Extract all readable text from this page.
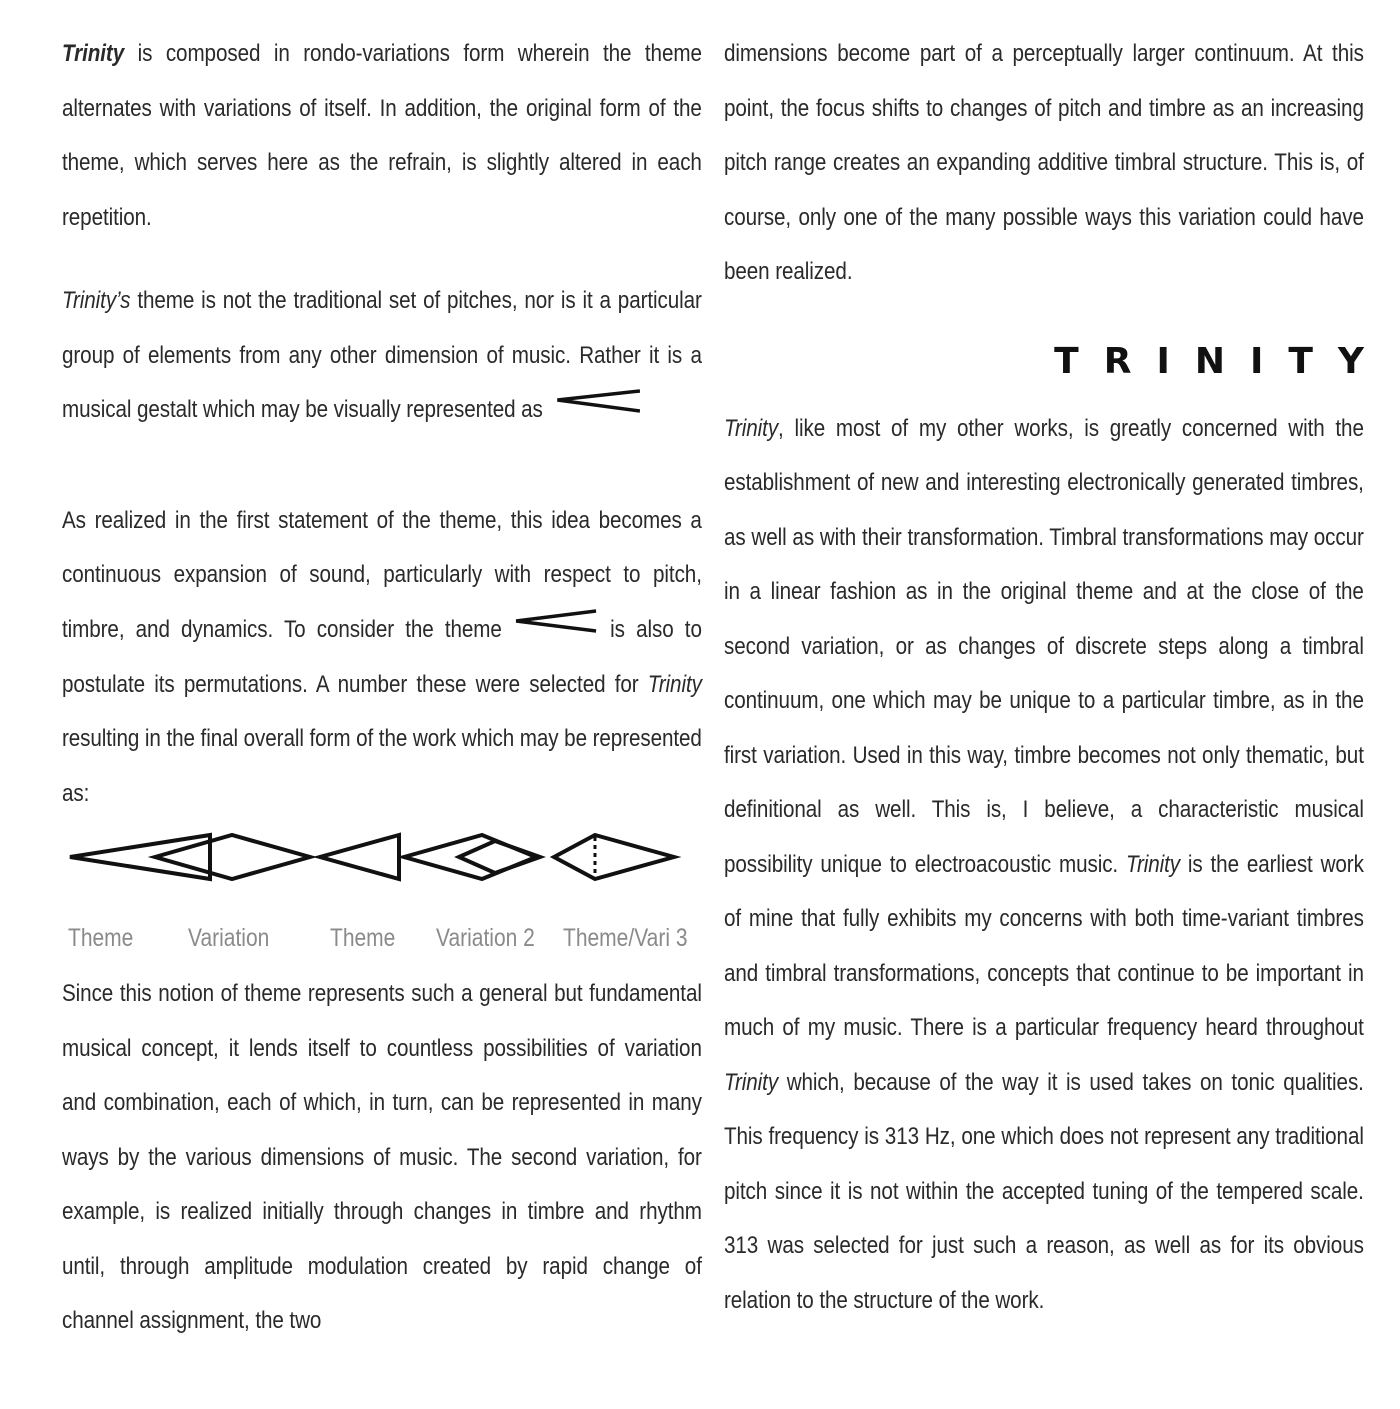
Trinity is composed in rondo-variations form wherein the theme alternates with variations of itself. In addition, the original form of the theme, which serves here as the refrain, is slightly altered in each repetition.

Trinity’s theme is not the traditional set of pitches, nor is it a particular group of elements from any other dimension of music. Rather it is a musical gestalt which may be visually represented as

As realized in the first statement of the theme, this idea becomes a continuous expansion of sound, particularly with respect to pitch, timbre, and dynamics. To consider the theme	is also to postulate its permutations. A number these were selected for Trinity resulting in the final overall form of the work which may be represented as:

Theme Variation Theme Variation 2 Theme/Vari 3

Since this notion of theme represents such a general but fundamental musical concept, it lends itself to countless possibilities of variation and combination, each of which, in turn, can be represented in many ways by the various dimensions of music. The second variation, for example, is realized initially through changes in timbre and rhythm until, through amplitude modulation created by rapid change of channel assignment, the two

dimensions become part of a perceptually larger continuum. At this point, the focus shifts to changes of pitch and timbre as an increasing pitch range creates an expanding additive timbral structure. This is, of course, only one of the many possible ways this variation could have been realized.

TRINITY

Trinity, like most of my other works, is greatly concerned with the establishment of new and interesting electronically generated timbres, as well as with their transformation. Timbral transformations may occur in a linear fashion as in the original theme and at the close of the second variation, or as changes of discrete steps along a timbral continuum, one which may be unique to a particular timbre, as in the first variation. Used in this way, timbre becomes not only thematic, but definitional as well. This is, I believe, a characteristic musical possibility unique to electroacoustic music. Trinity is the earliest work of mine that fully exhibits my concerns with both time-variant timbres and timbral transformations, concepts that continue to be important in much of my music. There is a particular frequency heard throughout Trinity which, because of the way it is used takes on tonic qualities. This frequency is 313 Hz, one which does not represent any traditional pitch since it is not within the accepted tuning of the tempered scale. 313 was selected for just such a reason, as well as for its obvious relation to the structure of the work.
